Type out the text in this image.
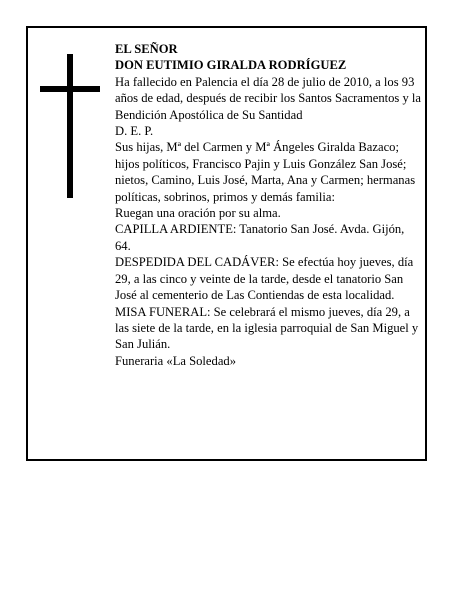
EL SEÑOR

DON EUTIMIO GIRALDA RODRÍGUEZ

Ha fallecido en Palencia el día 28 de julio de 2010, a los 93 años de edad, después de recibir los Santos Sacramentos y la Bendición Apostólica de Su Santidad

D. E. P.

Sus hijas, Mª del Carmen y Mª Ángeles Giralda Bazaco; hijos políticos, Francisco Pajin y Luis González San José; nietos, Camino, Luis José, Marta, Ana y Carmen; hermanas políticas, sobrinos, primos y demás familia:

Ruegan una oración por su alma.

CAPILLA ARDIENTE: Tanatorio San José. Avda. Gijón, 64.

DESPEDIDA DEL CADÁVER: Se efectúa hoy jueves, día 29, a las cinco y veinte de la tarde, desde el tanatorio San José al cementerio de Las Contiendas de esta localidad.

MISA FUNERAL: Se celebrará el mismo jueves, día 29, a las siete de la tarde, en la iglesia parroquial de San Miguel y San Julián.

Funeraria «La Soledad»
